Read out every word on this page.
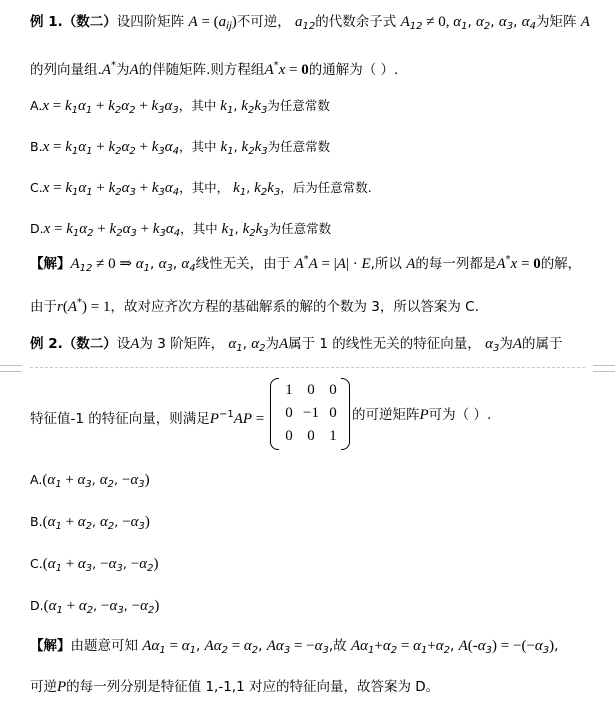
例 1.（数二）设四阶矩阵 $A = (a_{ij})$不可逆， $a_{12}$的代数余子式 $A_{12} \ne 0$, $\alpha_1$, $\alpha_2$, $\alpha_3$, $\alpha_4$为矩阵 A
的列向量组.A*为A的伴随矩阵.则方程组A*x = 0的通解为（ ）.
$A.x = k_1\alpha_1 + k_2\alpha_2 + k_3\alpha_3$，其中 $k_1$, $k_2k_3$为任意常数
$B.x = k_1\alpha_1 + k_2\alpha_2 + k_3\alpha_4$，其中 $k_1$, $k_2k_3$为任意常数
$C.x = k_1\alpha_1 + k_2\alpha_3 + k_3\alpha_4$，其中， $k_1$, $k_2k_3$，后为任意常数.
$D.x = k_1\alpha_2 + k_2\alpha_3 + k_3\alpha_4$，其中 $k_1$, $k_2k_3$为任意常数
【解】$A_{12} \ne 0$ ⇒ $\alpha_1$, $\alpha_3$, $\alpha_4$线性无关，由于 A*A = |A| · E,所以 A的每一列都是A*x = 0的解，
由于r(A*) = 1，故对应齐次方程的基础解系的解的个数为 3，所以答案为 C.
例 2.（数二）设A为 3 阶矩阵， $\alpha_1$, $\alpha_2$为A属于 1 的线性无关的特征向量， $\alpha_3$为A的属于
特征值-1 的特征向量，则满足$P^{-1}AP$ =
1 0 0
0 −1 0
0 0 1
的可逆矩阵P可为（ ）.
$A.(\alpha_1 + \alpha_3$, $\alpha_2$, $-\alpha_3$)
$B.(\alpha_1 + \alpha_2$, $\alpha_2$, $-\alpha_3$)
$C.(\alpha_1 + \alpha_3$, $-\alpha_3$, $-\alpha_2$)
$D.(\alpha_1 + \alpha_2$, $-\alpha_3$, $-\alpha_2$)
【解】由题意可知 $A\alpha_1 = \alpha_1$, $A\alpha_2 = \alpha_2$, $A\alpha_3 = -\alpha_3$,故 $A\alpha_1+\alpha_2 = \alpha_1+\alpha_2$, $A(-\alpha_3) = -(-\alpha_3)$,
可逆P的每一列分别是特征值 1,-1,1 对应的特征向量，故答案为 D。
